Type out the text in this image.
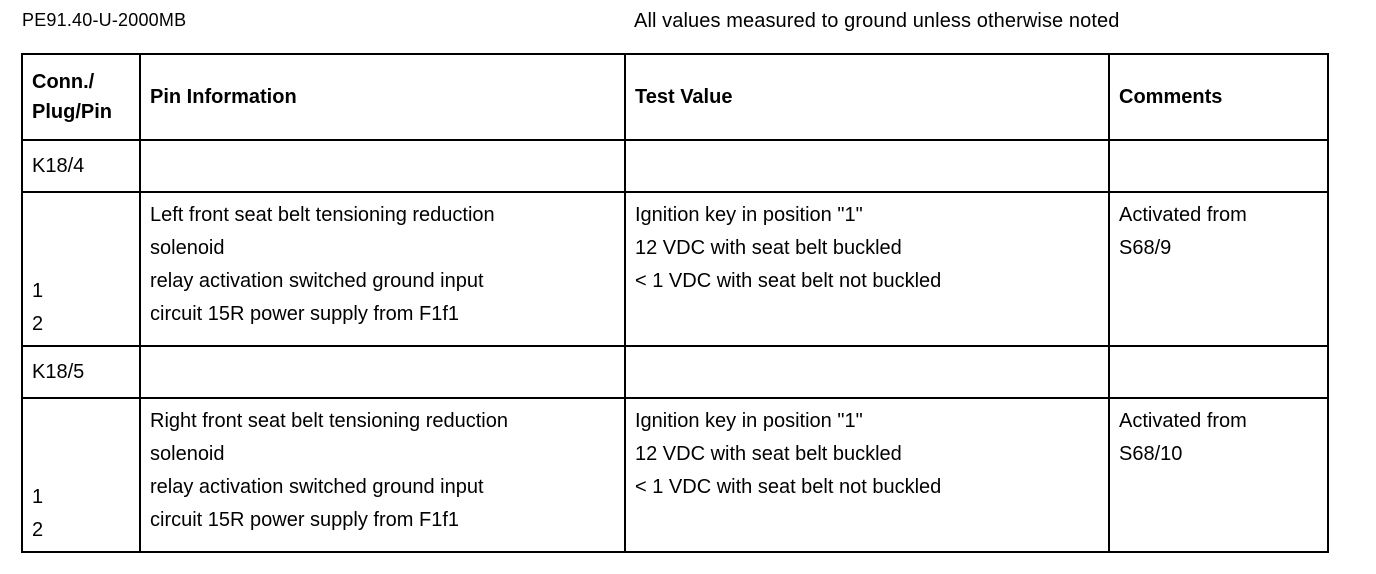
PE91.40-U-2000MB	All values measured to ground unless otherwise noted
Conn./
Plug/Pin	Pin Information	Test Value	Comments
K18/4			

1
2	Left front seat belt tensioning reduction
solenoid
relay activation switched ground input
circuit 15R power supply from F1f1	Ignition key in position "1"
12 VDC with seat belt buckled
< 1 VDC with seat belt not buckled	Activated from
S68/9

K18/5			

1
2	Right front seat belt tensioning reduction
solenoid
relay activation switched ground input
circuit 15R power supply from F1f1	Ignition key in position "1"
12 VDC with seat belt buckled
< 1 VDC with seat belt not buckled	Activated from
S68/10
